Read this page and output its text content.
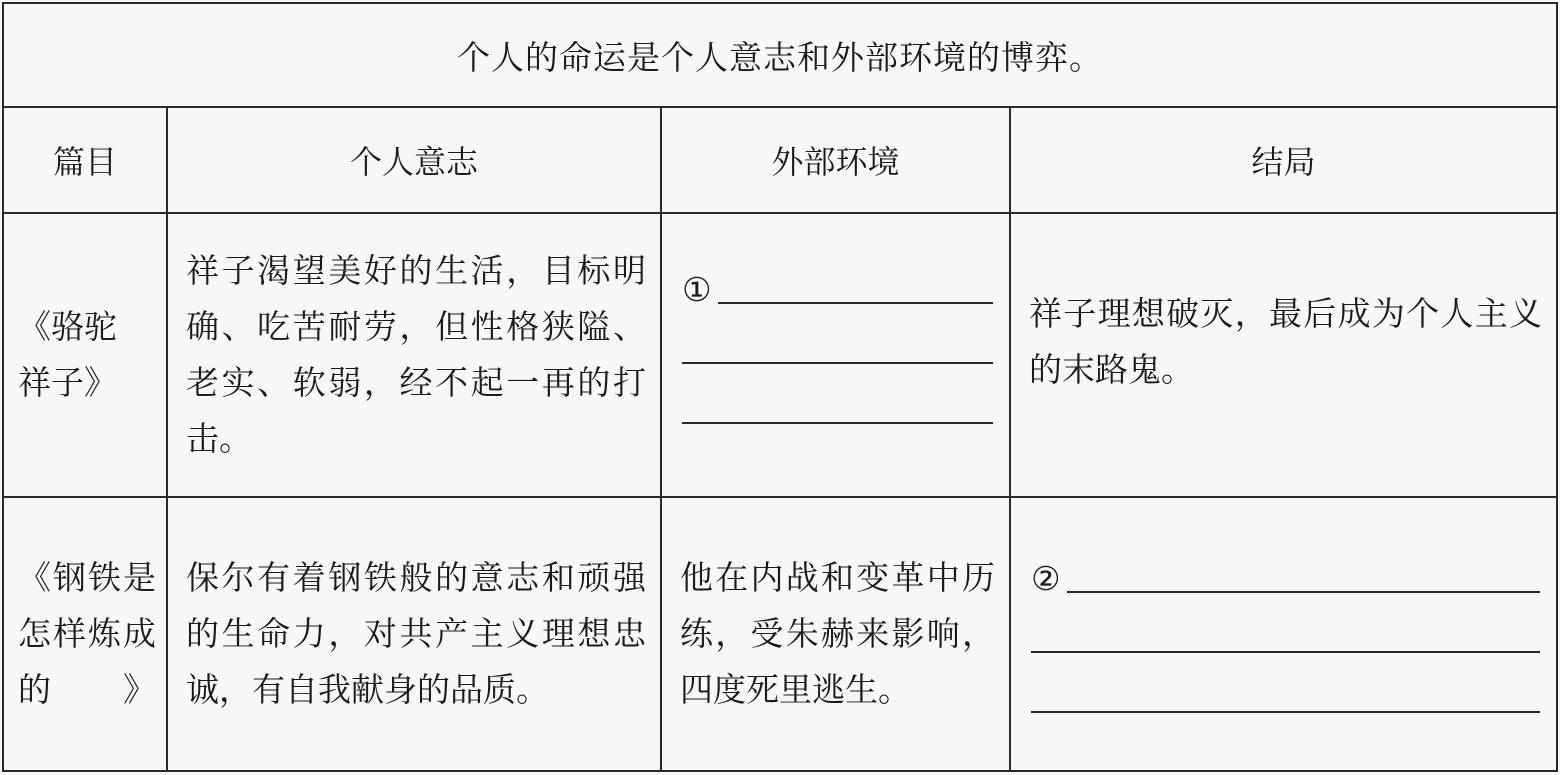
个人的命运是个人意志和外部环境的博弈。			
篇目	个人意志	外部环境	结局

《骆驼祥子》	祥子渴望美好的生活，目标明确、吃苦耐劳，但性格狭隘、老实、软弱，经不起一再的打击。	①	祥子理想破灭，最后成为个人主义的末路鬼。

《钢铁是怎样炼成的》	保尔有着钢铁般的意志和顽强的生命力，对共产主义理想忠诚，有自我献身的品质。	他在内战和变革中历练，受朱赫来影响，四度死里逃生。	②
